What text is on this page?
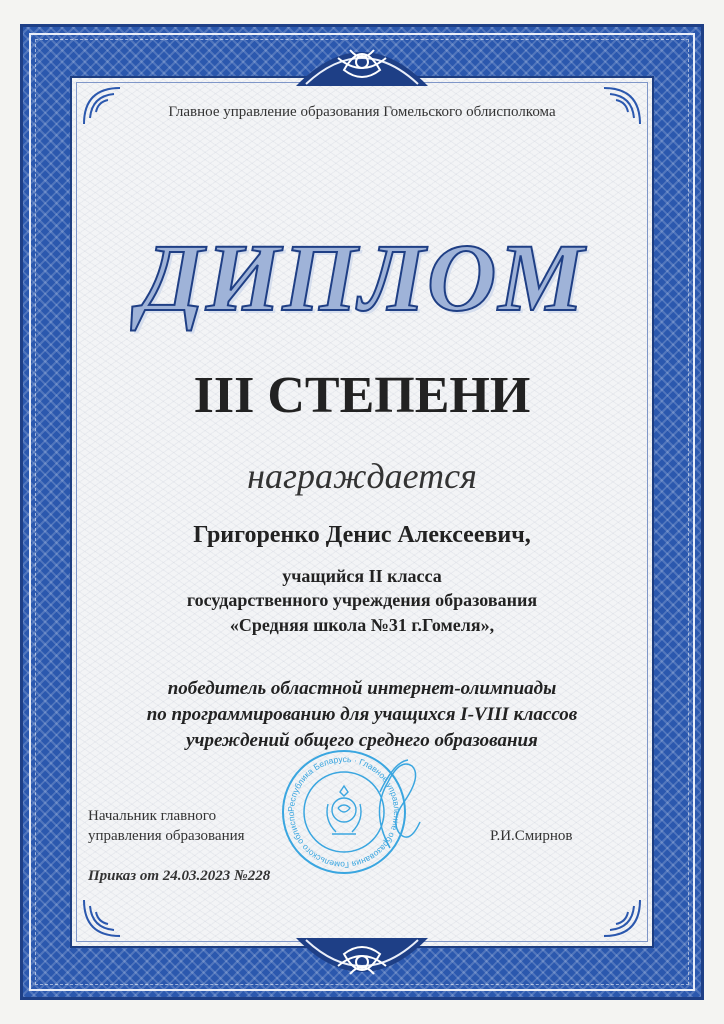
Главное управление образования Гомельского облисполкома
ДИПЛОМ
III СТЕПЕНИ
награждается
Григоренко Денис Алексеевич,
учащийся II класса
государственного учреждения образования
«Средняя школа №31 г.Гомеля»,
победитель областной интернет-олимпиады
по программированию для учащихся I-VIII классов
учреждений общего среднего образования
Республика Беларусь · Главное управление образования Гомельского облиспо
Начальник главного
управления образования	Р.И.Смирнов
Приказ от 24.03.2023 №228
